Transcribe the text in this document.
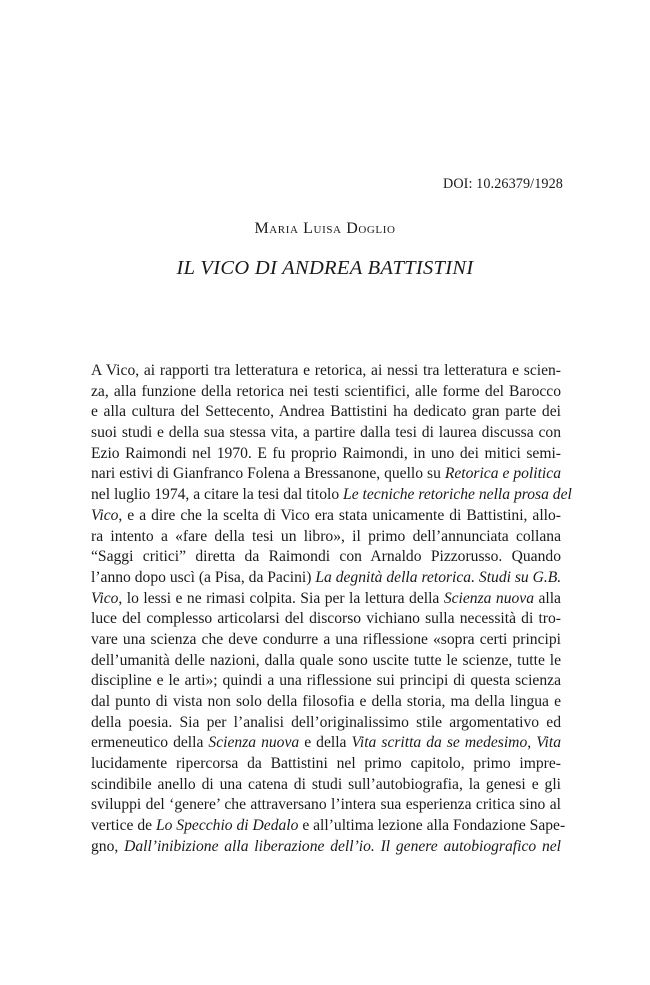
DOI: 10.26379/1928
Maria Luisa Doglio
IL VICO DI ANDREA BATTISTINI
A Vico, ai rapporti tra letteratura e retorica, ai nessi tra letteratura e scien-
za, alla funzione della retorica nei testi scientifici, alle forme del Barocco
e alla cultura del Settecento, Andrea Battistini ha dedicato gran parte dei
suoi studi e della sua stessa vita, a partire dalla tesi di laurea discussa con
Ezio Raimondi nel 1970. E fu proprio Raimondi, in uno dei mitici semi-
nari estivi di Gianfranco Folena a Bressanone, quello su Retorica e politica
nel luglio 1974, a citare la tesi dal titolo Le tecniche retoriche nella prosa del
Vico, e a dire che la scelta di Vico era stata unicamente di Battistini, allo-
ra intento a «fare della tesi un libro», il primo dell’annunciata collana
“Saggi critici” diretta da Raimondi con Arnaldo Pizzorusso. Quando
l’anno dopo uscì (a Pisa, da Pacini) La degnità della retorica. Studi su G.B.
Vico, lo lessi e ne rimasi colpita. Sia per la lettura della Scienza nuova alla
luce del complesso articolarsi del discorso vichiano sulla necessità di tro-
vare una scienza che deve condurre a una riflessione «sopra certi principi
dell’umanità delle nazioni, dalla quale sono uscite tutte le scienze, tutte le
discipline e le arti»; quindi a una riflessione sui principi di questa scienza
dal punto di vista non solo della filosofia e della storia, ma della lingua e
della poesia. Sia per l’analisi dell’originalissimo stile argomentativo ed
ermeneutico della Scienza nuova e della Vita scritta da se medesimo, Vita
lucidamente ripercorsa da Battistini nel primo capitolo, primo impre-
scindibile anello di una catena di studi sull’autobiografia, la genesi e gli
sviluppi del ‘genere’ che attraversano l’intera sua esperienza critica sino al
vertice de Lo Specchio di Dedalo e all’ultima lezione alla Fondazione Sape-
gno, Dall’inibizione alla liberazione dell’io. Il genere autobiografico nel
